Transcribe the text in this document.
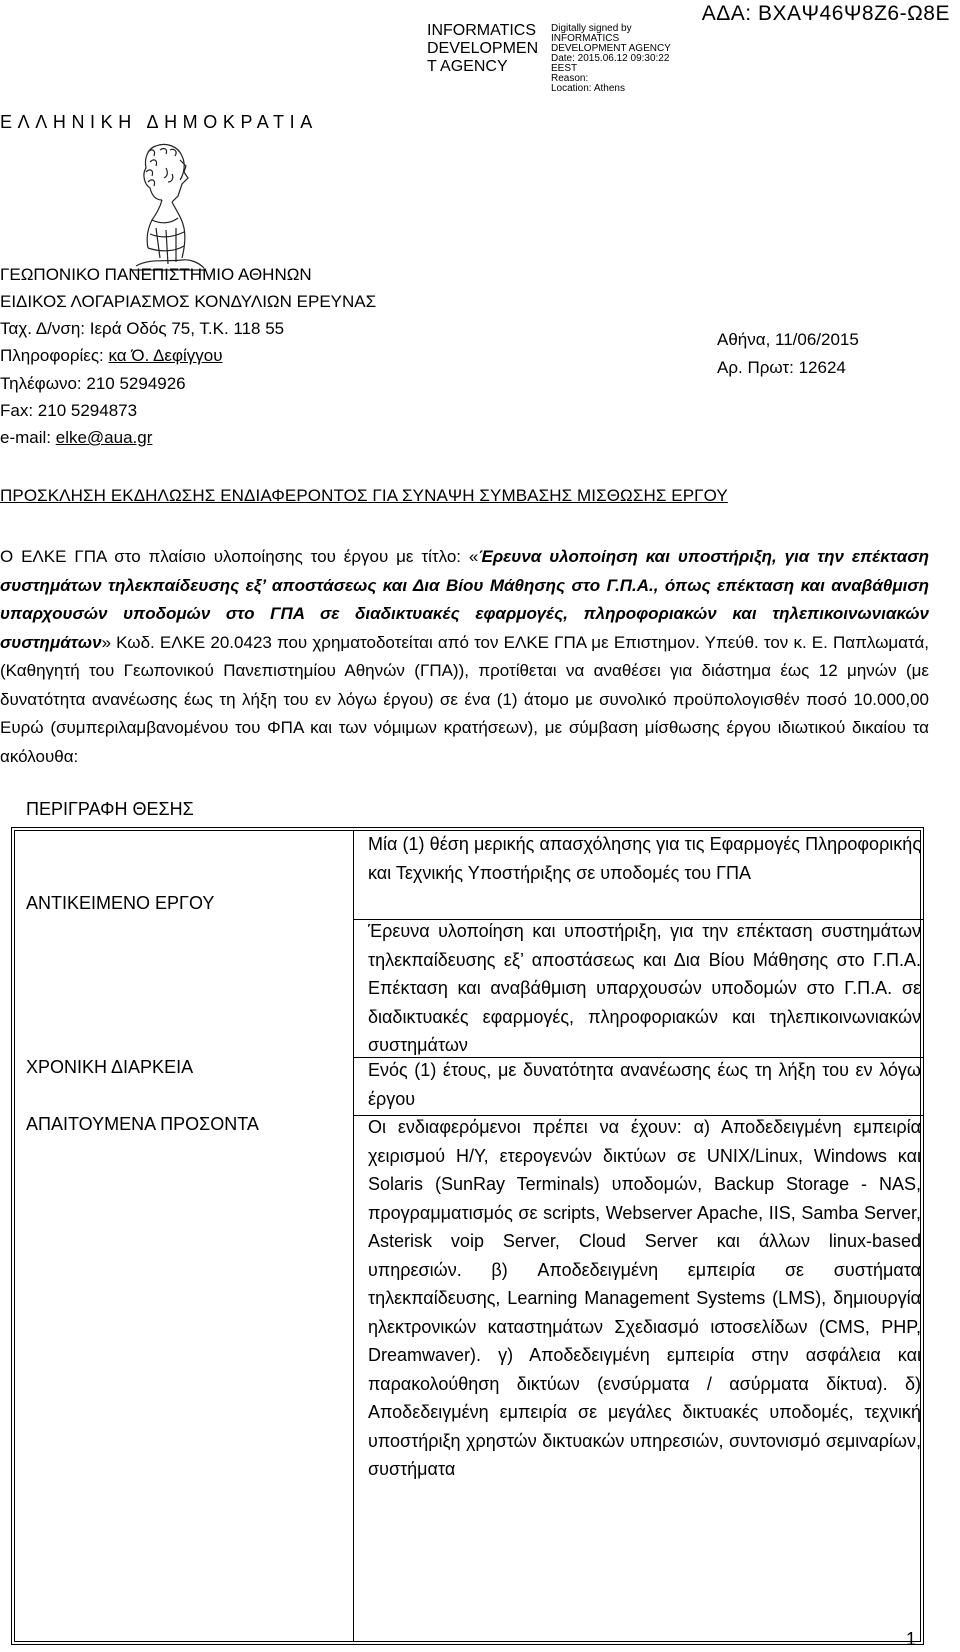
ΑΔΑ: ΒΧΑΨ46Ψ8Ζ6-Ω8Ε
INFORMATICS DEVELOPMEN T AGENCY
Digitally signed by
INFORMATICS
DEVELOPMENT AGENCY
Date: 2015.06.12 09:30:22
EEST
Reason:
Location: Athens
ΕΛΛΗΝΙΚΗ ΔΗΜΟΚΡΑΤΙΑ
ΓΕΩΠΟΝΙΚΟ ΠΑΝΕΠΙΣΤΗΜΙΟ ΑΘΗΝΩΝ
ΕΙΔΙΚΟΣ ΛΟΓΑΡΙΑΣΜΟΣ ΚΟΝΔΥΛΙΩΝ ΕΡΕΥΝΑΣ
Ταχ. Δ/νση: Ιερά Οδός 75, Τ.Κ. 118 55
Πληροφορίες: κα Ό. Δεφίγγου
Τηλέφωνο: 210 5294926
Fax: 210 5294873
e-mail: elke@aua.gr
Αθήνα, 11/06/2015
Αρ. Πρωτ: 12624
ΠΡΟΣΚΛΗΣΗ ΕΚΔΗΛΩΣΗΣ ΕΝΔΙΑΦΕΡΟΝΤΟΣ ΓΙΑ ΣΥΝΑΨΗ ΣΥΜΒΑΣΗΣ ΜΙΣΘΩΣΗΣ ΕΡΓΟΥ
Ο ΕΛΚΕ ΓΠΑ στο πλαίσιο υλοποίησης του έργου με τίτλο: «Έρευνα υλοποίηση και υποστήριξη, για την επέκταση συστημάτων τηλεκπαίδευσης εξ’ αποστάσεως και Δια Βίου Μάθησης στο Γ.Π.Α., όπως επέκταση και αναβάθμιση υπαρχουσών υποδομών στο ΓΠΑ σε διαδικτυακές εφαρμογές, πληροφοριακών και τηλεπικοινωνιακών συστημάτων» Κωδ. ΕΛΚΕ 20.0423 που χρηματοδοτείται από τον ΕΛΚΕ ΓΠΑ με Επιστημον. Υπεύθ. τον κ. Ε. Παπλωματά, (Καθηγητή του Γεωπονικού Πανεπιστημίου Αθηνών (ΓΠΑ)), προτίθεται να αναθέσει για διάστημα έως 12 μηνών (με δυνατότητα ανανέωσης έως τη λήξη του εν λόγω έργου) σε ένα (1) άτομο με συνολικό προϋπολογισθέν ποσό 10.000,00 Ευρώ (συμπεριλαμβανομένου του ΦΠΑ και των νόμιμων κρατήσεων), με σύμβαση μίσθωσης έργου ιδιωτικού δικαίου τα ακόλουθα:
ΠΕΡΙΓΡΑΦΗ ΘΕΣΗΣ
ΑΝΤΙΚΕΙΜΕΝΟ ΕΡΓΟΥ
ΧΡΟΝΙΚΗ ΔΙΑΡΚΕΙΑ
ΑΠΑΙΤΟΥΜΕΝΑ ΠΡΟΣΟΝΤΑ
Μία (1) θέση μερικής απασχόλησης για τις Εφαρμογές Πληροφορικής και Τεχνικής Υποστήριξης σε υποδομές του ΓΠΑ
Έρευνα υλοποίηση και υποστήριξη, για την επέκταση συστημάτων τηλεκπαίδευσης εξ’ αποστάσεως και Δια Βίου Μάθησης στο Γ.Π.Α. Επέκταση και αναβάθμιση υπαρχουσών υποδομών στο Γ.Π.Α. σε διαδικτυακές εφαρμογές, πληροφοριακών και τηλεπικοινωνιακών συστημάτων
Ενός (1) έτους, με δυνατότητα ανανέωσης έως τη λήξη του εν λόγω έργου
Οι ενδιαφερόμενοι πρέπει να έχουν: α) Αποδεδειγμένη εμπειρία χειρισμού Η/Υ, ετερογενών δικτύων σε UNIX/Linux, Windows και Solaris (SunRay Terminals) υποδομών, Backup Storage - NAS, προγραμματισμός σε scripts, Webserver Apache, IIS, Samba Server, Asterisk voip Server, Cloud Server και άλλων linux-based υπηρεσιών. β) Αποδεδειγμένη εμπειρία σε συστήματα τηλεκπαίδευσης, Learning Management Systems (LMS), δημιουργία ηλεκτρονικών καταστημάτων Σχεδιασμό ιστοσελίδων (CMS, PHP, Dreamwaver). γ) Αποδεδειγμένη εμπειρία στην ασφάλεια και παρακολούθηση δικτύων (ενσύρματα / ασύρματα δίκτυα). δ) Αποδεδειγμένη εμπειρία σε μεγάλες δικτυακές υποδομές, τεχνική υποστήριξη χρηστών δικτυακών υπηρεσιών, συντονισμό σεμιναρίων, συστήματα
1
